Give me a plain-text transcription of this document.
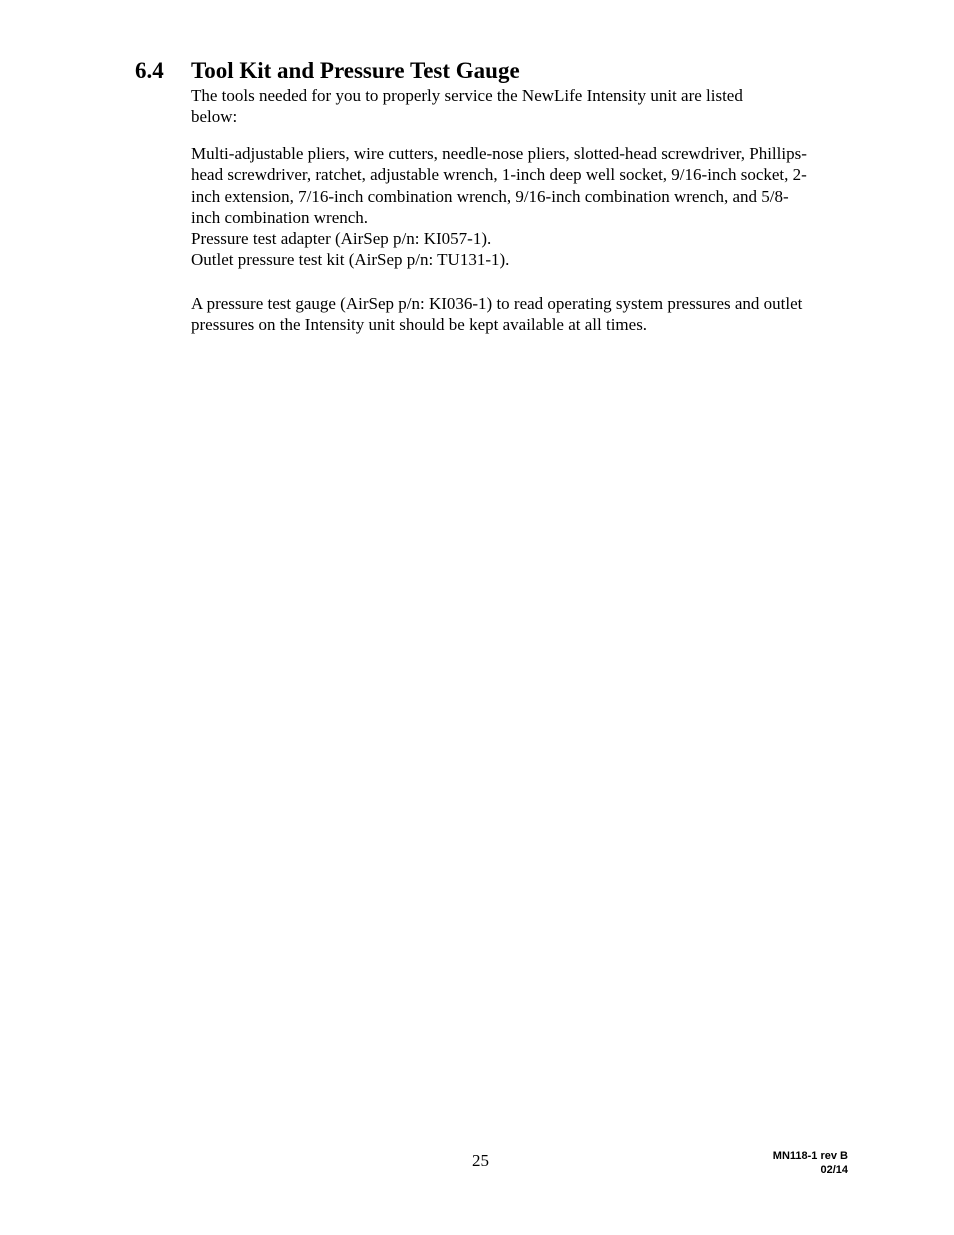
6.4 Tool Kit and Pressure Test Gauge
The tools needed for you to properly service the NewLife Intensity unit are listed
below:
Multi-adjustable pliers, wire cutters, needle-nose pliers, slotted-head screwdriver, Phillips-
head screwdriver, ratchet, adjustable wrench, 1-inch deep well socket, 9/16-inch socket, 2-
inch extension, 7/16-inch combination wrench, 9/16-inch combination wrench, and 5/8-
inch combination wrench.
Pressure test adapter (AirSep p/n: KI057-1).
Outlet pressure test kit (AirSep p/n: TU131-1).
A pressure test gauge (AirSep p/n: KI036-1) to read operating system pressures and outlet
pressures on the Intensity unit should be kept available at all times.
25	MN118-1 rev B
02/14
